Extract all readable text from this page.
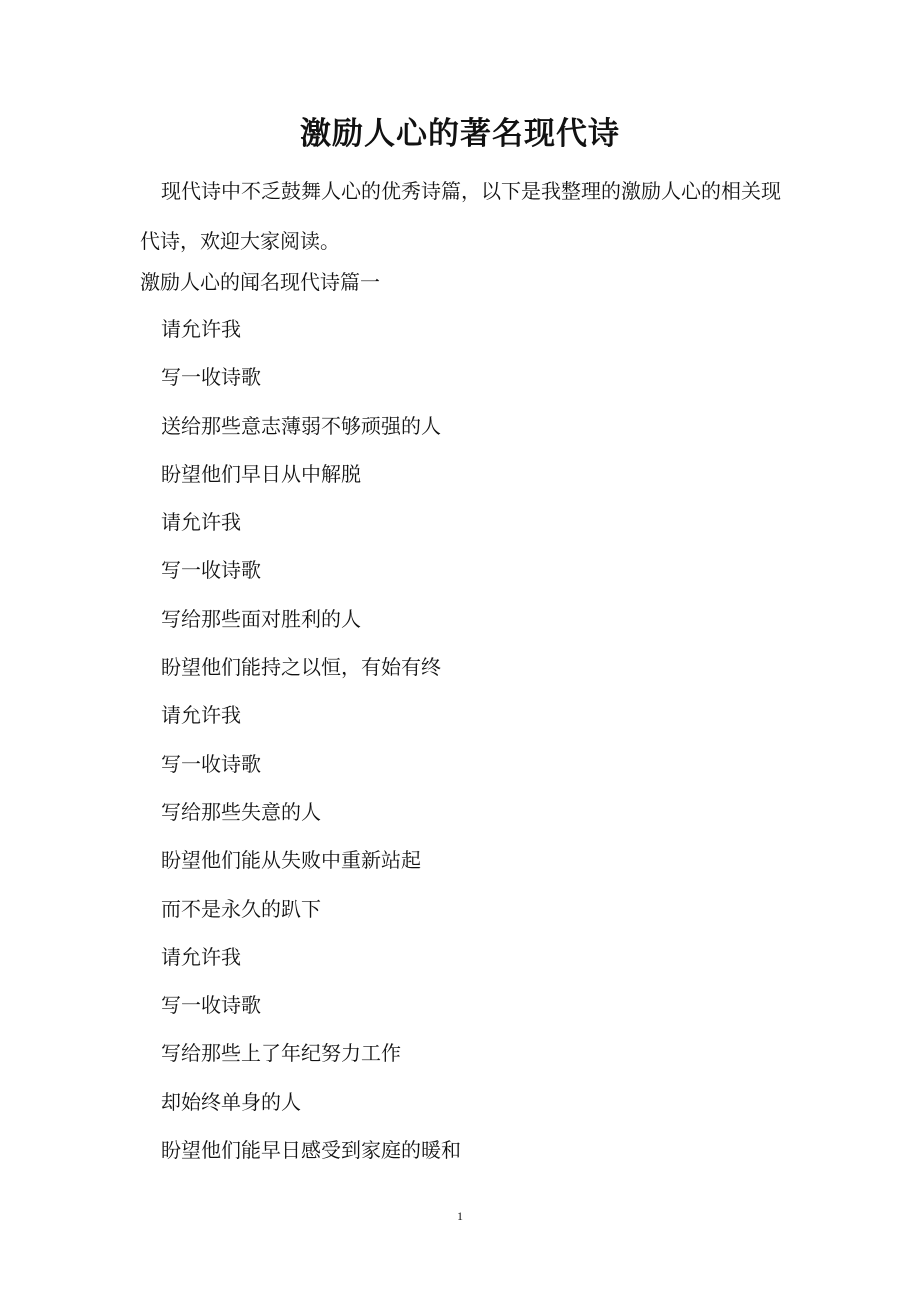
激励人心的著名现代诗
现代诗中不乏鼓舞人心的优秀诗篇，以下是我整理的激励人心的相关现代诗，欢迎大家阅读。
激励人心的闻名现代诗篇一
请允许我
写一收诗歌
送给那些意志薄弱不够顽强的人
盼望他们早日从中解脱
请允许我
写一收诗歌
写给那些面对胜利的人
盼望他们能持之以恒，有始有终
请允许我
写一收诗歌
写给那些失意的人
盼望他们能从失败中重新站起
而不是永久的趴下
请允许我
写一收诗歌
写给那些上了年纪努力工作
却始终单身的人
盼望他们能早日感受到家庭的暖和
1
